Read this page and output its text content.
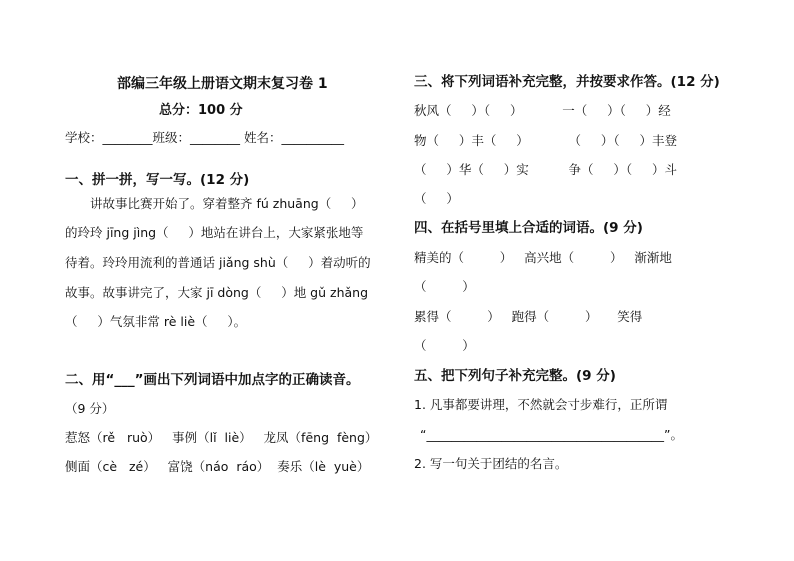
部编三年级上册语文期末复习卷 1
总分：100 分
学校：________班级：________ 姓名：__________
一、拼一拼，写一写。(12 分)
讲故事比赛开始了。穿着整齐 fú zhuāng（     ）
的玲玲 jīng jìng（     ）地站在讲台上，大家紧张地等
待着。玲玲用流利的普通话 jiǎng shù（     ）着动听的
故事。故事讲完了，大家 jī dòng（     ）地 gǔ zhǎng
（     ）气氛非常 rè liè（     ）。
二、用“___”画出下列词语中加点字的正确读音。
（9 分）
惹怒（rě   ruò）   事例（lǐ  liè）   龙凤（fēng  fèng）
侧面（cè   zé）   富饶（náo  ráo）  奏乐（lè  yuè）
三、将下列词语补充完整，并按要求作答。(12 分)
秋风（     ）（     ）          一（     ）（     ）经
物（     ）丰（     ）          （     ）（     ）丰登
（     ）华（     ）实          争（     ）（     ）斗
（     ）
四、在括号里填上合适的词语。(9 分)
精美的（         ）   高兴地（         ）   渐渐地
（         ）
累得（         ）   跑得（         ）     笑得
（         ）
五、把下列句子补充完整。(9 分)
1. 凡事都要讲理，不然就会寸步难行，正所谓
“______________________________________”。
2. 写一句关于团结的名言。
